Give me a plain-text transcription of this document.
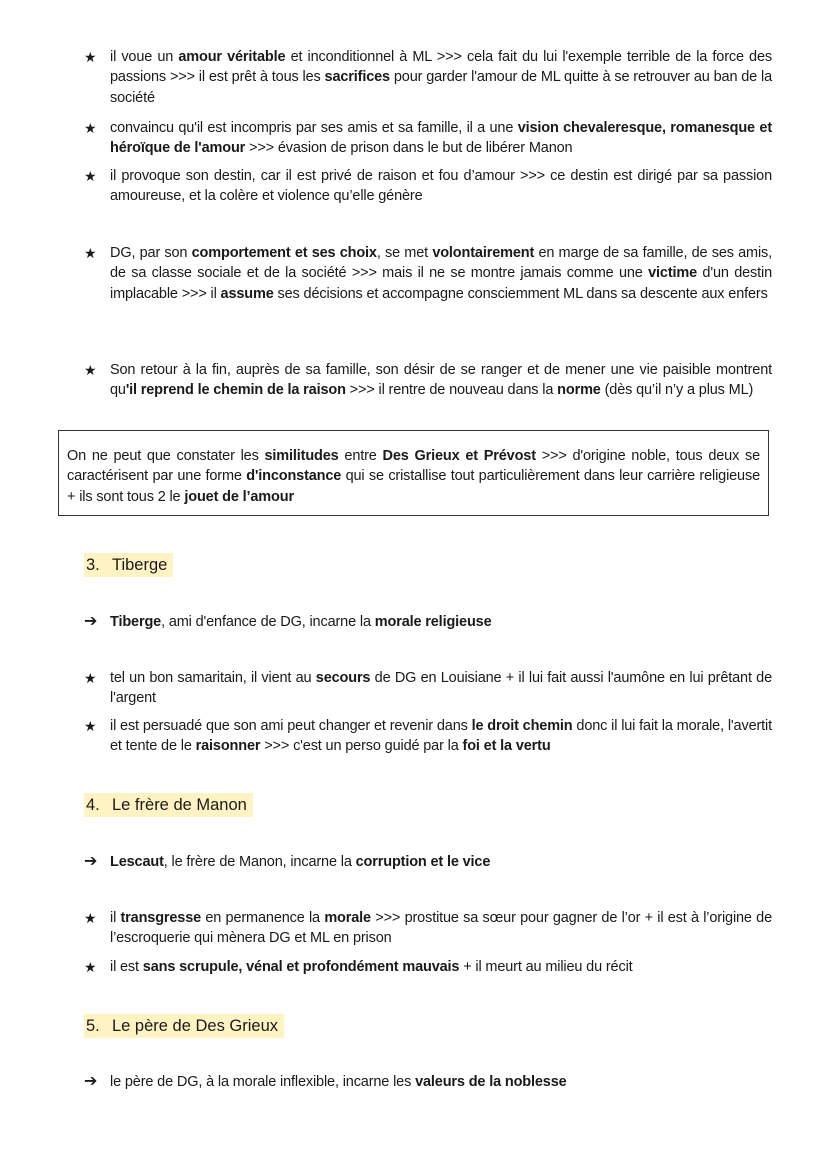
★ il voue un amour véritable et inconditionnel à ML >>> cela fait du lui l'exemple terrible de la force des passions >>> il est prêt à tous les sacrifices pour garder l'amour de ML quitte à se retrouver au ban de la société
★ convaincu qu'il est incompris par ses amis et sa famille, il a une vision chevaleresque, romanesque et héroïque de l'amour >>> évasion de prison dans le but de libérer Manon
★ il provoque son destin, car il est privé de raison et fou d’amour >>> ce destin est dirigé par sa passion amoureuse, et la colère et violence qu’elle génère
★ DG, par son comportement et ses choix, se met volontairement en marge de sa famille, de ses amis, de sa classe sociale et de la société >>> mais il ne se montre jamais comme une victime d'un destin implacable >>> il assume ses décisions et accompagne consciemment ML dans sa descente aux enfers
★ Son retour à la fin, auprès de sa famille, son désir de se ranger et de mener une vie paisible montrent qu'il reprend le chemin de la raison >>> il rentre de nouveau dans la norme (dès qu’il n’y a plus ML)
On ne peut que constater les similitudes entre Des Grieux et Prévost >>> d'origine noble, tous deux se caractérisent par une forme d'inconstance qui se cristallise tout particulièrement dans leur carrière religieuse + ils sont tous 2 le jouet de l’amour
3. Tiberge
➔ Tiberge, ami d'enfance de DG, incarne la morale religieuse
★ tel un bon samaritain, il vient au secours de DG en Louisiane + il lui fait aussi l'aumône en lui prêtant de l'argent
★ il est persuadé que son ami peut changer et revenir dans le droit chemin donc il lui fait la morale, l'avertit et tente de le raisonner >>> c'est un perso guidé par la foi et la vertu
4. Le frère de Manon
➔ Lescaut, le frère de Manon, incarne la corruption et le vice
★ il transgresse en permanence la morale >>> prostitue sa sœur pour gagner de l’or + il est à l’origine de l’escroquerie qui mènera DG et ML en prison
★ il est sans scrupule, vénal et profondément mauvais + il meurt au milieu du récit
5. Le père de Des Grieux
➔ le père de DG, à la morale inflexible, incarne les valeurs de la noblesse
